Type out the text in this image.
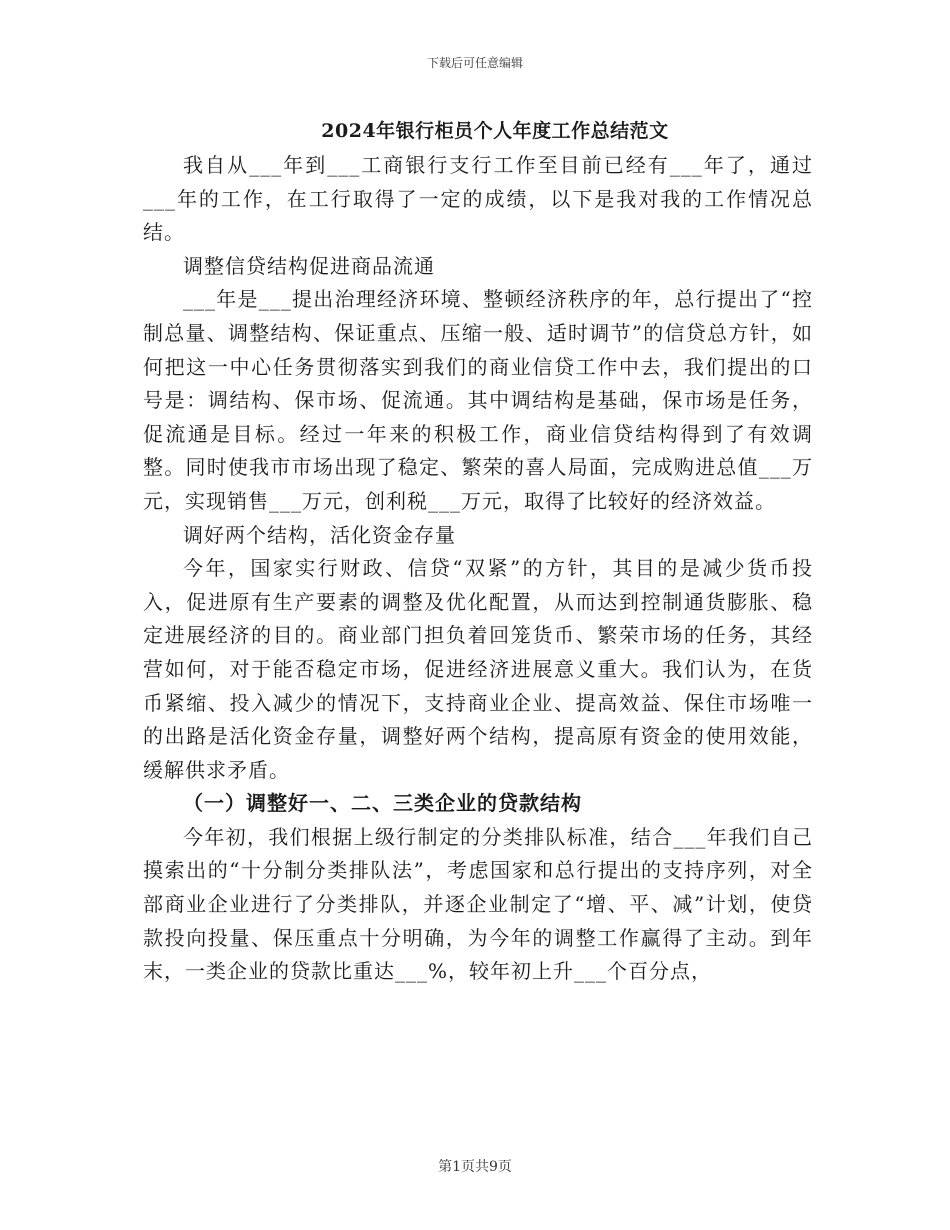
下载后可任意编辑
2024年银行柜员个人年度工作总结范文

我自从___年到___工商银行支行工作至目前已经有___年了，通过___年的工作，在工行取得了一定的成绩，以下是我对我的工作情况总结。

调整信贷结构促进商品流通

___年是___提出治理经济环境、整顿经济秩序的年，总行提出了“控制总量、调整结构、保证重点、压缩一般、适时调节”的信贷总方针，如何把这一中心任务贯彻落实到我们的商业信贷工作中去，我们提出的口号是：调结构、保市场、促流通。其中调结构是基础，保市场是任务，促流通是目标。经过一年来的积极工作，商业信贷结构得到了有效调整。同时使我市市场出现了稳定、繁荣的喜人局面，完成购进总值___万元，实现销售___万元，创利税___万元，取得了比较好的经济效益。

调好两个结构，活化资金存量

今年，国家实行财政、信贷“双紧”的方针，其目的是减少货币投入，促进原有生产要素的调整及优化配置，从而达到控制通货膨胀、稳定进展经济的目的。商业部门担负着回笼货币、繁荣市场的任务，其经营如何，对于能否稳定市场，促进经济进展意义重大。我们认为，在货币紧缩、投入减少的情况下，支持商业企业、提高效益、保住市场唯一的出路是活化资金存量，调整好两个结构，提高原有资金的使用效能，缓解供求矛盾。

（一）调整好一、二、三类企业的贷款结构

今年初，我们根据上级行制定的分类排队标准，结合___年我们自己摸索出的“十分制分类排队法”，考虑国家和总行提出的支持序列，对全部商业企业进行了分类排队，并逐企业制定了“增、平、减”计划，使贷款投向投量、保压重点十分明确，为今年的调整工作赢得了主动。到年末，一类企业的贷款比重达___%，较年初上升___个百分点，

第1页共9页
